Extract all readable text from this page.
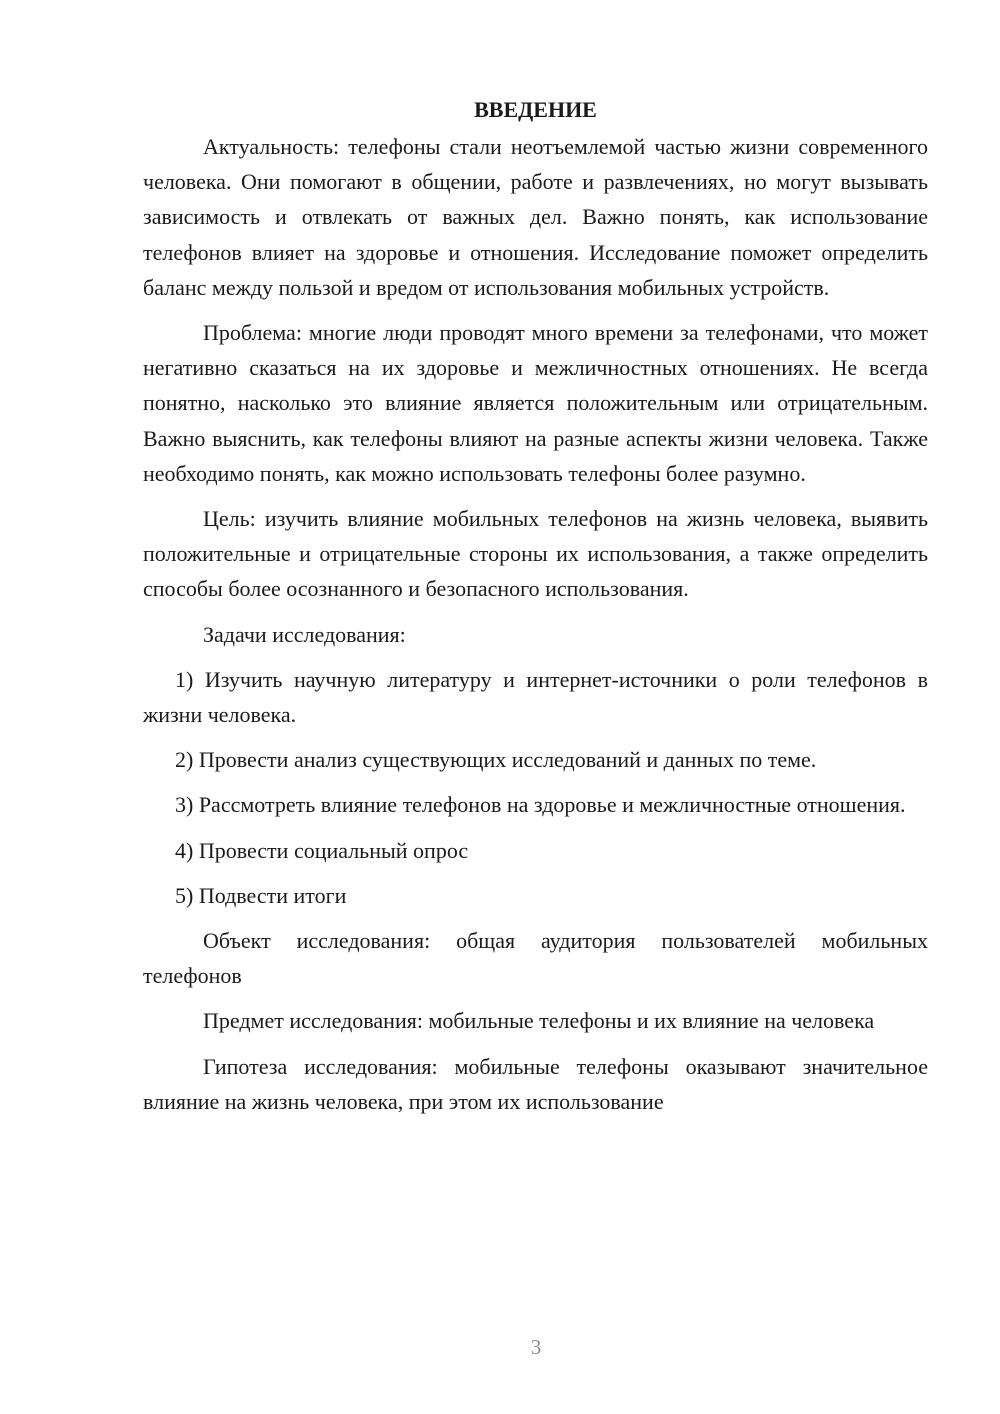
ВВЕДЕНИЕ
Актуальность: телефоны стали неотъемлемой частью жизни современного человека. Они помогают в общении, работе и развлечениях, но могут вызывать зависимость и отвлекать от важных дел. Важно понять, как использование телефонов влияет на здоровье и отношения. Исследование поможет определить баланс между пользой и вредом от использования мобильных устройств.
Проблема: многие люди проводят много времени за телефонами, что может негативно сказаться на их здоровье и межличностных отношениях. Не всегда понятно, насколько это влияние является положительным или отрицательным. Важно выяснить, как телефоны влияют на разные аспекты жизни человека. Также необходимо понять, как можно использовать телефоны более разумно.
Цель: изучить влияние мобильных телефонов на жизнь человека, выявить положительные и отрицательные стороны их использования, а также определить способы более осознанного и безопасного использования.
Задачи исследования:
1) Изучить научную литературу и интернет-источники о роли телефонов в жизни человека.
2) Провести анализ существующих исследований и данных по теме.
3) Рассмотреть влияние телефонов на здоровье и межличностные отношения.
4) Провести социальный опрос
5) Подвести итоги
Объект исследования: общая аудитория пользователей мобильных телефонов
Предмет исследования: мобильные телефоны и их влияние на человека
Гипотеза исследования: мобильные телефоны оказывают значительное влияние на жизнь человека, при этом их использование
3
